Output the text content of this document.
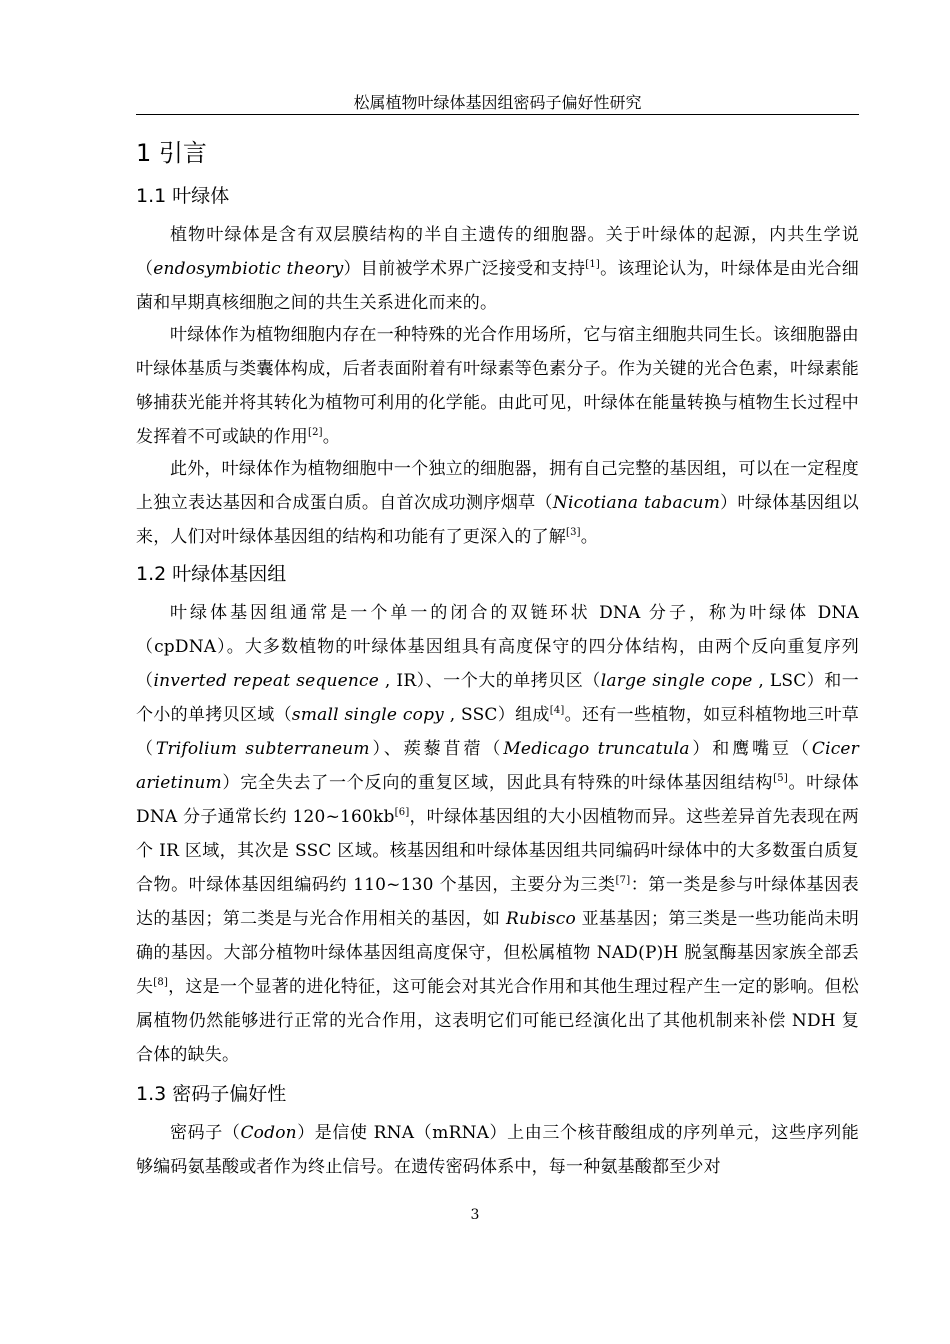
松属植物叶绿体基因组密码子偏好性研究
1 引言
1.1 叶绿体
植物叶绿体是含有双层膜结构的半自主遗传的细胞器。关于叶绿体的起源，内共生学说（endosymbiotic theory）目前被学术界广泛接受和支持[1]。该理论认为，叶绿体是由光合细菌和早期真核细胞之间的共生关系进化而来的。
叶绿体作为植物细胞内存在一种特殊的光合作用场所，它与宿主细胞共同生长。该细胞器由叶绿体基质与类囊体构成，后者表面附着有叶绿素等色素分子。作为关键的光合色素，叶绿素能够捕获光能并将其转化为植物可利用的化学能。由此可见，叶绿体在能量转换与植物生长过程中发挥着不可或缺的作用[2]。
此外，叶绿体作为植物细胞中一个独立的细胞器，拥有自己完整的基因组，可以在一定程度上独立表达基因和合成蛋白质。自首次成功测序烟草（Nicotiana tabacum）叶绿体基因组以来，人们对叶绿体基因组的结构和功能有了更深入的了解[3]。
1.2 叶绿体基因组
叶绿体基因组通常是一个单一的闭合的双链环状 DNA 分子，称为叶绿体 DNA（cpDNA）。大多数植物的叶绿体基因组具有高度保守的四分体结构，由两个反向重复序列（inverted repeat sequence , IR）、一个大的单拷贝区（large single cope , LSC）和一个小的单拷贝区域（small single copy , SSC）组成[4]。还有一些植物，如豆科植物地三叶草（Trifolium subterraneum）、蒺藜苜蓿（Medicago truncatula）和鹰嘴豆（Cicer arietinum）完全失去了一个反向的重复区域，因此具有特殊的叶绿体基因组结构[5]。叶绿体 DNA 分子通常长约 120~160kb[6]，叶绿体基因组的大小因植物而异。这些差异首先表现在两个 IR 区域，其次是 SSC 区域。核基因组和叶绿体基因组共同编码叶绿体中的大多数蛋白质复合物。叶绿体基因组编码约 110~130 个基因，主要分为三类[7]：第一类是参与叶绿体基因表达的基因；第二类是与光合作用相关的基因，如 Rubisco 亚基基因；第三类是一些功能尚未明确的基因。大部分植物叶绿体基因组高度保守，但松属植物 NAD(P)H 脱氢酶基因家族全部丢失[8]，这是一个显著的进化特征，这可能会对其光合作用和其他生理过程产生一定的影响。但松属植物仍然能够进行正常的光合作用，这表明它们可能已经演化出了其他机制来补偿 NDH 复合体的缺失。
1.3 密码子偏好性
密码子（Codon）是信使 RNA（mRNA）上由三个核苷酸组成的序列单元，这些序列能够编码氨基酸或者作为终止信号。在遗传密码体系中，每一种氨基酸都至少对
3
